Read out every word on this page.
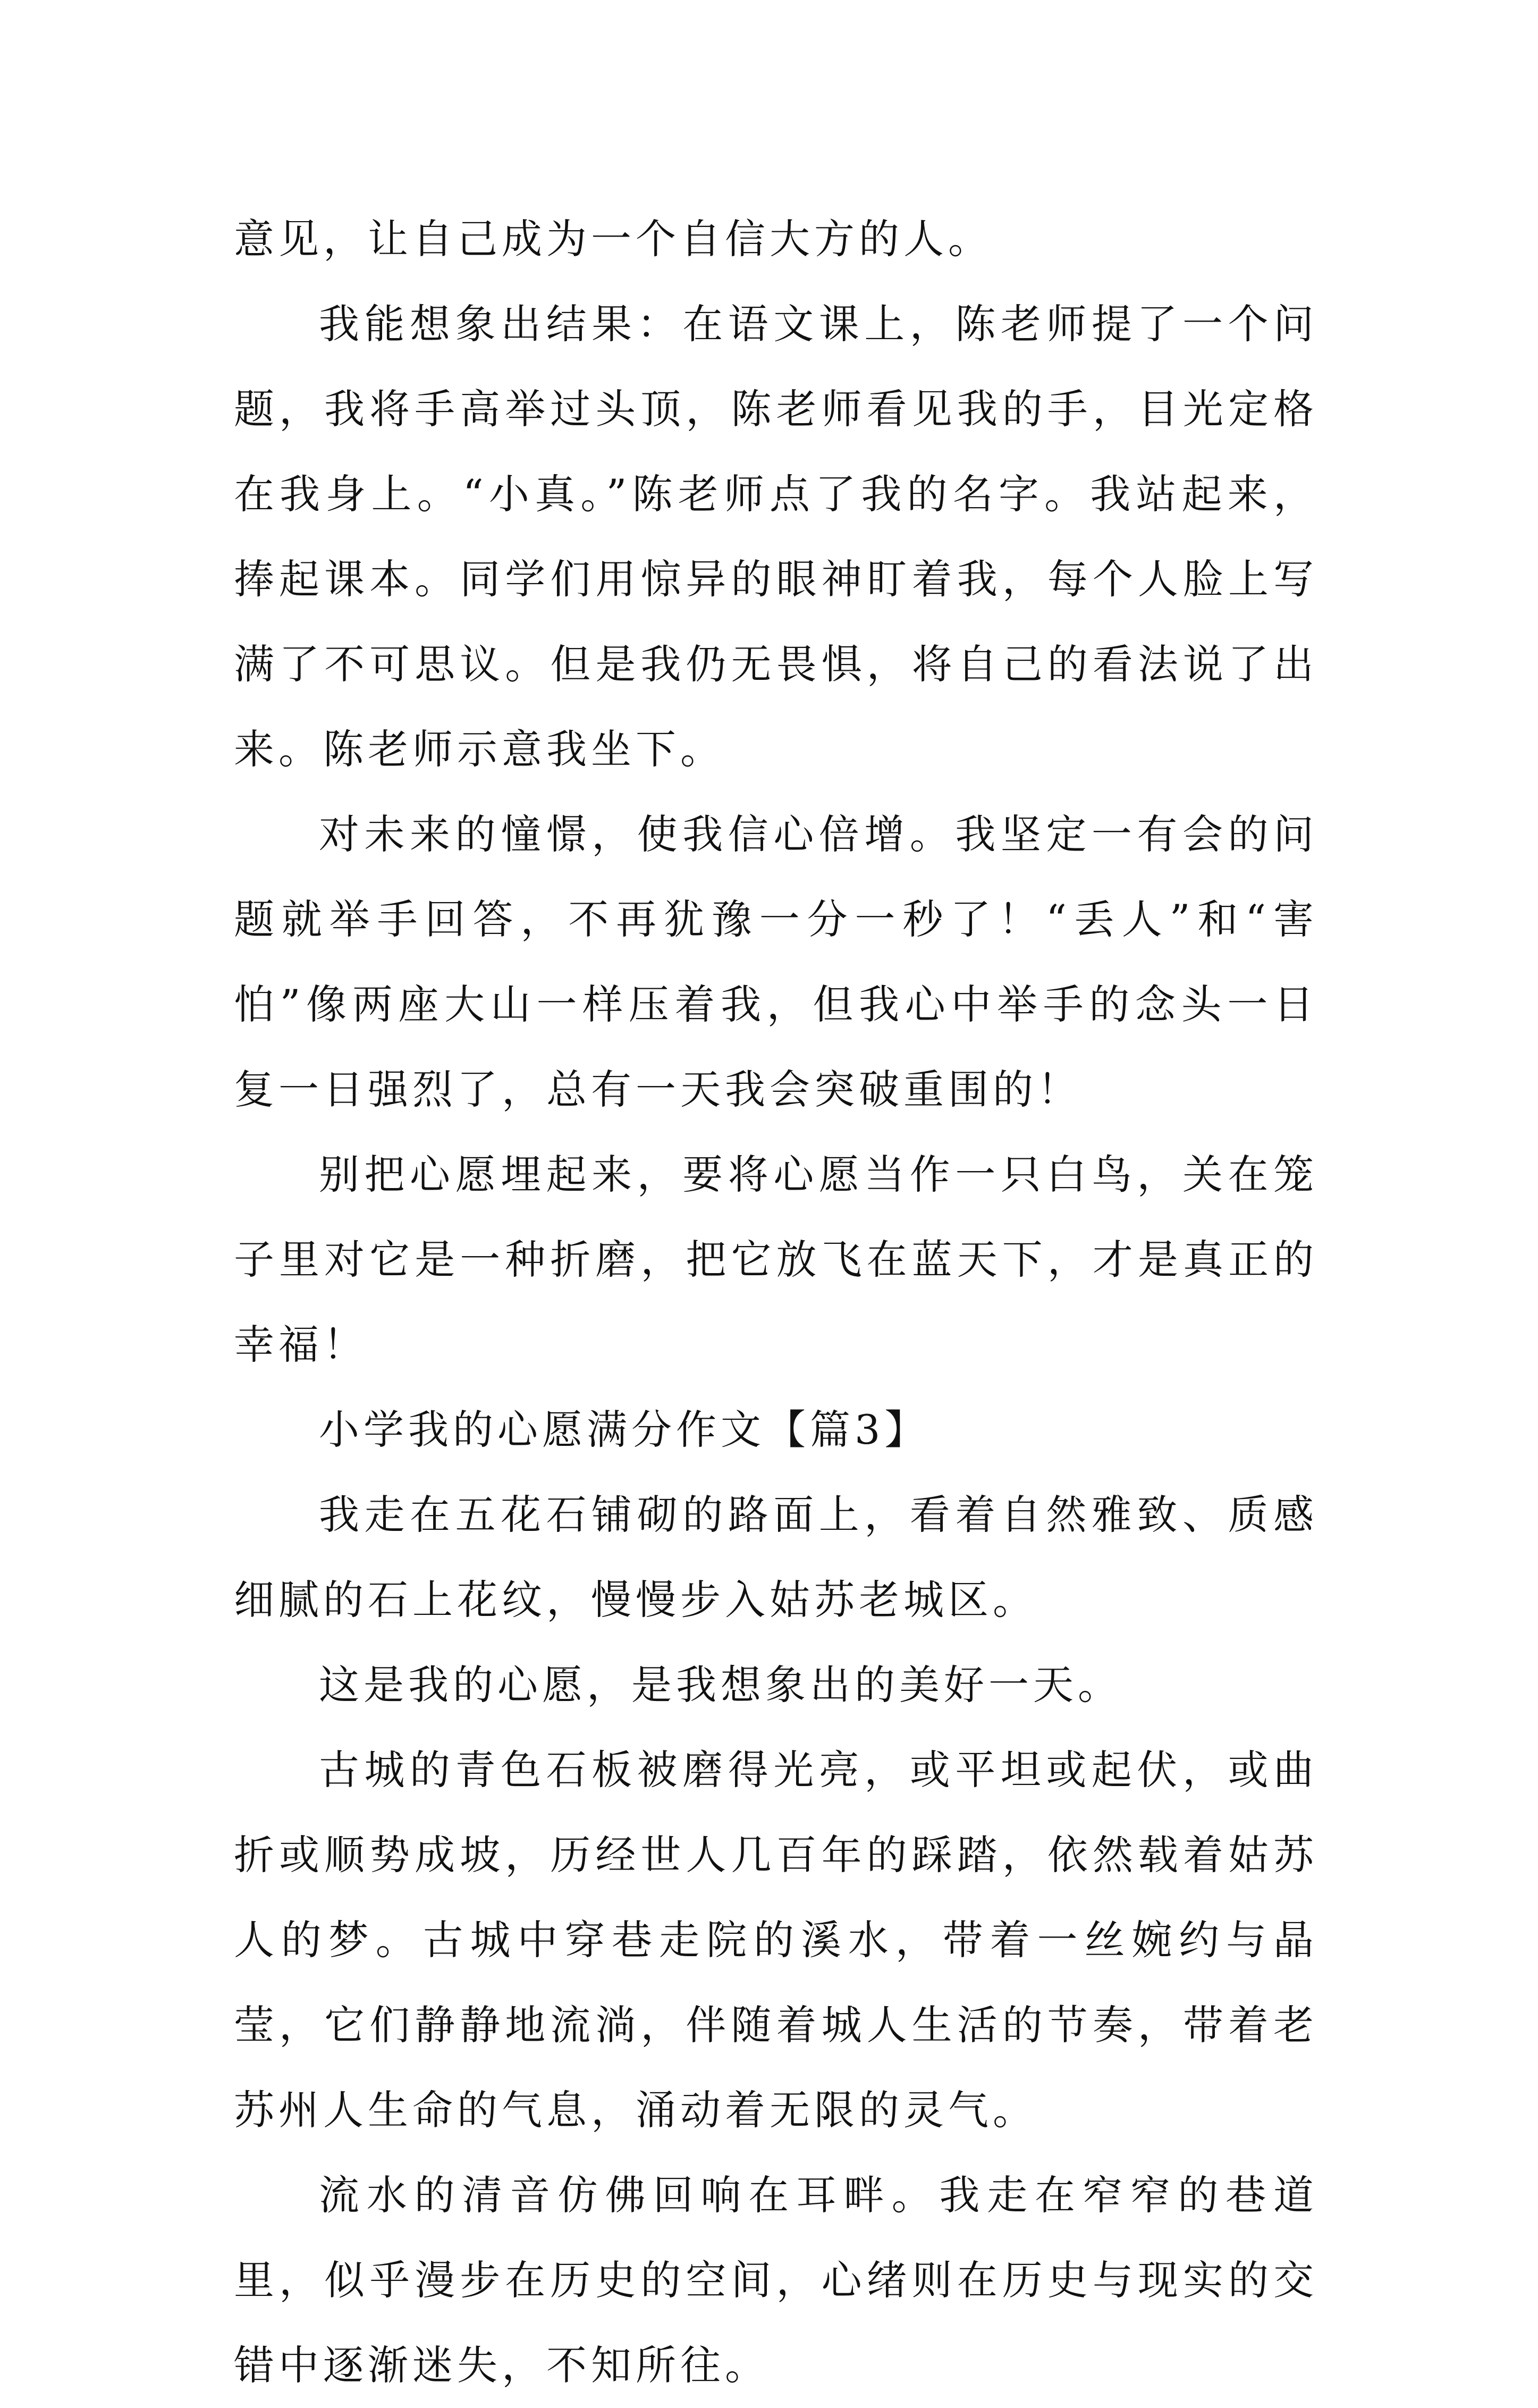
意见，让自己成为一个自信大方的人。

我能想象出结果：在语文课上，陈老师提了一个问题，我将手高举过头顶，陈老师看见我的手，目光定格在我身上。“小真。”陈老师点了我的名字。我站起来，捧起课本。同学们用惊异的眼神盯着我，每个人脸上写满了不可思议。但是我仍无畏惧，将自己的看法说了出来。陈老师示意我坐下。

对未来的憧憬，使我信心倍增。我坚定一有会的问题就举手回答，不再犹豫一分一秒了！“丢人”和“害怕”像两座大山一样压着我，但我心中举手的念头一日复一日强烈了，总有一天我会突破重围的！

别把心愿埋起来，要将心愿当作一只白鸟，关在笼子里对它是一种折磨，把它放飞在蓝天下，才是真正的幸福！

小学我的心愿满分作文【篇3】

我走在五花石铺砌的路面上，看着自然雅致、质感细腻的石上花纹，慢慢步入姑苏老城区。

这是我的心愿，是我想象出的美好一天。

古城的青色石板被磨得光亮，或平坦或起伏，或曲折或顺势成坡，历经世人几百年的踩踏，依然载着姑苏人的梦。古城中穿巷走院的溪水，带着一丝婉约与晶莹，它们静静地流淌，伴随着城人生活的节奏，带着老苏州人生命的气息，涌动着无限的灵气。

流水的清音仿佛回响在耳畔。我走在窄窄的巷道里，似乎漫步在历史的空间，心绪则在历史与现实的交错中逐渐迷失，不知所往。
